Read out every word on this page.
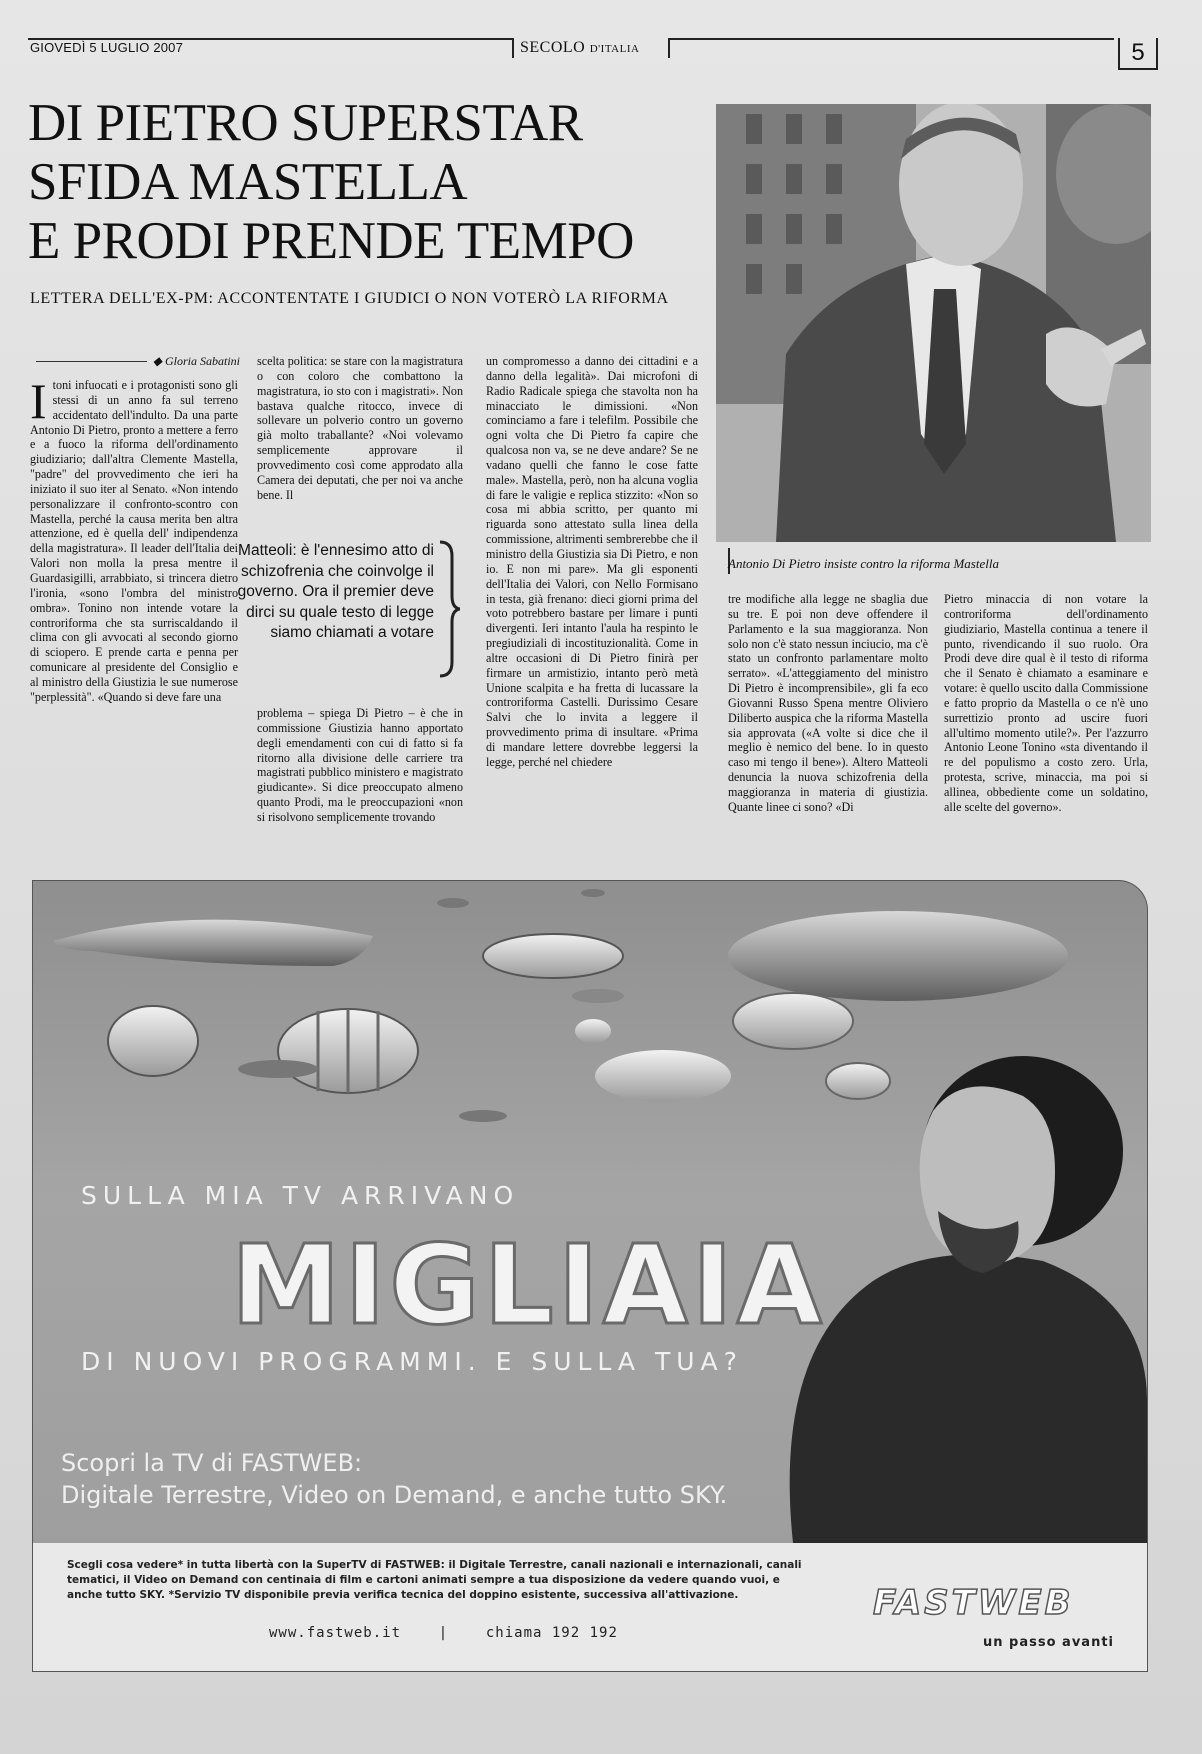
GIOVEDÌ 5 LUGLIO 2007	SECOLO D'ITALIA	5
DI PIETRO SUPERSTAR
SFIDA MASTELLA
E PRODI PRENDE TEMPO
LETTERA DELL'EX-PM: ACCONTENTATE I GIUDICI O NON VOTERÒ LA RIFORMA
Antonio Di Pietro insiste contro la riforma Mastella
◆ Gloria Sabatini
Itoni infuocati e i protagonisti sono gli stessi di un anno fa sul terreno accidentato dell'indulto. Da una parte Antonio Di Pietro, pronto a mettere a ferro e a fuoco la riforma dell'ordinamento giudiziario; dall'altra Clemente Mastella, "padre" del provvedimento che ieri ha iniziato il suo iter al Senato. «Non intendo personalizzare il confronto-scontro con Mastella, perché la causa merita ben altra attenzione, ed è quella dell' indipendenza della magistratura». Il leader dell'Italia dei Valori non molla la presa mentre il Guardasigilli, arrabbiato, si trincera dietro l'ironia, «sono l'ombra del ministro ombra». Tonino non intende votare la controriforma che sta surriscaldando il clima con gli avvocati al secondo giorno di sciopero. E prende carta e penna per comunicare al presidente del Consiglio e al ministro della Giustizia le sue numerose "perplessità". «Quando si deve fare una
scelta politica: se stare con la magistratura o con coloro che combattono la magistratura, io sto con i magistrati». Non bastava qualche ritocco, invece di sollevare un polverio contro un governo già molto traballante? «Noi volevamo semplicemente approvare il provvedimento così come approdato alla Camera dei deputati, che per noi va anche bene. Il
Matteoli: è l'ennesimo atto di schizofrenia che coinvolge il governo. Ora il premier deve dirci su quale testo di legge siamo chiamati a votare
problema – spiega Di Pietro – è che in commissione Giustizia hanno apportato degli emendamenti con cui di fatto si fa ritorno alla divisione delle carriere tra magistrati pubblico ministero e magistrato giudicante». Si dice preoccupato almeno quanto Prodi, ma le preoccupazioni «non si risolvono semplicemente trovando
un compromesso a danno dei cittadini e a danno della legalità». Dai microfoni di Radio Radicale spiega che stavolta non ha minacciato le dimissioni. «Non cominciamo a fare i telefilm. Possibile che ogni volta che Di Pietro fa capire che qualcosa non va, se ne deve andare? Se ne vadano quelli che fanno le cose fatte male». Mastella, però, non ha alcuna voglia di fare le valigie e replica stizzito: «Non so cosa mi abbia scritto, per quanto mi riguarda sono attestato sulla linea della commissione, altrimenti sembrerebbe che il ministro della Giustizia sia Di Pietro, e non io. E non mi pare». Ma gli esponenti dell'Italia dei Valori, con Nello Formisano in testa, già frenano: dieci giorni prima del voto potrebbero bastare per limare i punti divergenti. Ieri intanto l'aula ha respinto le pregiudiziali di incostituzionalità. Come in altre occasioni di Di Pietro finirà per firmare un armistizio, intanto però metà Unione scalpita e ha fretta di lucassare la controriforma Castelli. Durissimo Cesare Salvi che lo invita a leggere il provvedimento prima di insultare. «Prima di mandare lettere dovrebbe leggersi la legge, perché nel chiedere
tre modifiche alla legge ne sbaglia due su tre. E poi non deve offendere il Parlamento e la sua maggioranza. Non solo non c'è stato nessun inciucio, ma c'è stato un confronto parlamentare molto serrato». «L'atteggiamento del ministro Di Pietro è incomprensibile», gli fa eco Giovanni Russo Spena mentre Oliviero Diliberto auspica che la riforma Mastella sia approvata («A volte si dice che il meglio è nemico del bene. Io in questo caso mi tengo il bene»). Altero Matteoli denuncia la nuova schizofrenia della maggioranza in materia di giustizia. Quante linee ci sono? «Di
Pietro minaccia di non votare la controriforma dell'ordinamento giudiziario, Mastella continua a tenere il punto, rivendicando il suo ruolo. Ora Prodi deve dire qual è il testo di riforma che il Senato è chiamato a esaminare e votare: è quello uscito dalla Commissione e fatto proprio da Mastella o ce n'è uno surrettizio pronto ad uscire fuori all'ultimo momento utile?». Per l'azzurro Antonio Leone Tonino «sta diventando il re del populismo a costo zero. Urla, protesta, scrive, minaccia, ma poi si allinea, obbediente come un soldatino, alle scelte del governo».
SULLA MIA TV ARRIVANO
MIGLIAIA
DI NUOVI PROGRAMMI. E SULLA TUA?
Scopri la TV di FASTWEB:
Digitale Terrestre, Video on Demand, e anche tutto SKY.
Scegli cosa vedere* in tutta libertà con la SuperTV di FASTWEB: il Digitale Terrestre, canali nazionali e internazionali, canali tematici, il Video on Demand con centinaia di film e cartoni animati sempre a tua disposizione da vedere quando vuoi, e anche tutto SKY. *Servizio TV disponibile previa verifica tecnica del doppino esistente, successiva all'attivazione.
www.fastweb.it    |    chiama 192 192
FASTWEB
un passo avanti
